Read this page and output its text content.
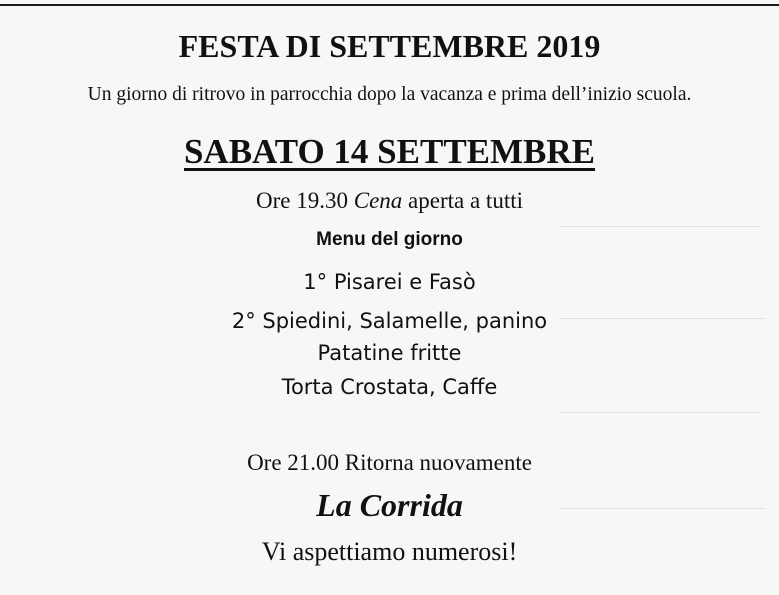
FESTA DI SETTEMBRE 2019
Un giorno di ritrovo in parrocchia dopo la vacanza e prima dell’inizio scuola.
SABATO 14 SETTEMBRE
Ore 19.30 Cena aperta a tutti
Menu del giorno
1° Pisarei e Fasò
2° Spiedini, Salamelle, panino
Patatine fritte
Torta Crostata, Caffe
Ore 21.00 Ritorna nuovamente
La Corrida
Vi aspettiamo numerosi!
